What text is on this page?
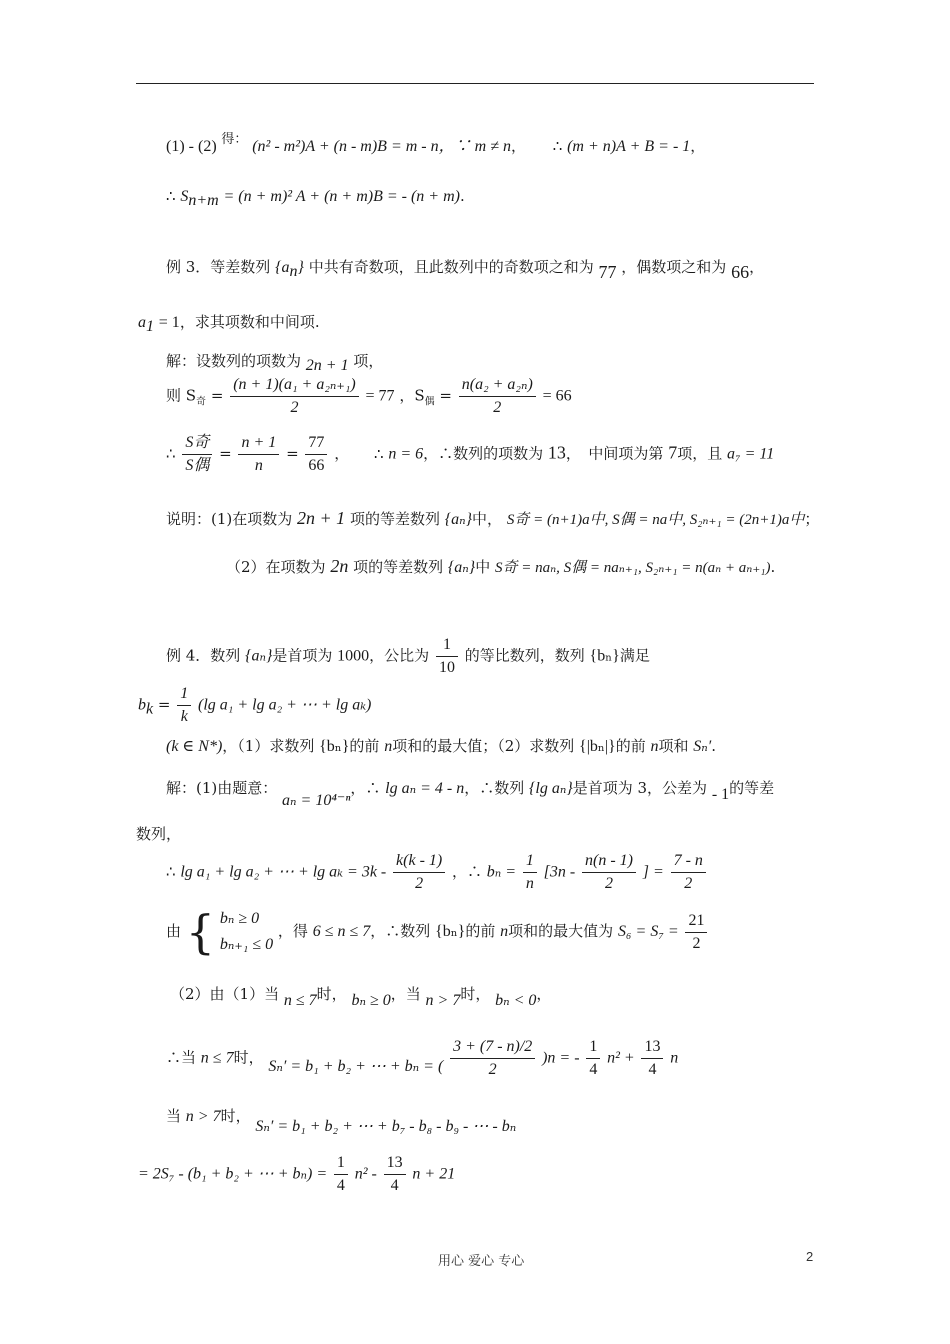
(1) - (2) 得： (n² - m²)A + (n - m)B = m - n，∵ m ≠ n， ∴ (m + n)A + B = - 1，
∴ $S_{n+m} = (n + m)^2$ A + (n + m)B = - (n + m).
例 3．等差数列 $\{a_n\}$ 中共有奇数项，且此数列中的奇数项之和为 77 ，偶数项之和为 66，
$a_1 = 1$，求其项数和中间项.
解：设数列的项数为 2n + 1 项，
则 $S_奇 = \frac{\text{(n + 1)(a₁ + a₂ₙ₊₁)}}{2} = 77$ ，$S_偶 = \frac{\text{n(a₂ + a₂ₙ)}}{2} = 66$
∴ $\frac{\text{S奇}}{\text{S偶}} = \frac{n + 1}{n} = \frac{77}{66}$ ， ∴ n = 6，∴数列的项数为 13，　中间项为第 7项，且 a₇ = 11
说明：(1)在项数为 2n + 1 项的等差数列 {aₙ}中， S奇 = (n+1)a中, S偶 = na中, S₂ₙ₊₁ = (2n+1)a中；
（2）在项数为 2n 项的等差数列 {aₙ}中 S奇 = naₙ, S偶 = naₙ₊₁, S₂ₙ₊₁ = n(aₙ + aₙ₊₁).
例 4．数列 {aₙ}是首项为 1000，公比为 $\frac{1}{10}$ 的等比数列，数列 {bₙ}满足
$b_k = \frac{1}{k} (\lg$ a₁ + lg a₂ + ⋯ + lg aₖ)
(k ∈ N*)，（1）求数列 {bₙ}的前 n项和的最大值；（2）求数列 {|bₙ|}的前 n项和 Sₙ′.
解：(1)由题意： aₙ = 10⁴⁻ⁿ，∴ lg aₙ = 4 - n，∴数列 {lg aₙ}是首项为 3，公差为 - 1的等差
数列，
∴ lg a₁ + lg a₂ + ⋯ + $\lg a_k = 3k - \frac{k(k - 1)}{2}$ ，∴ $b_n = \frac{1}{n} [3n - \frac{n(n - 1)}{2}$ ] = $\frac{7 - n}{2}$
由 { bₙ ≥ 0
bₙ₊₁ ≤ 0
，得 6 ≤ n ≤ 7，∴数列 {bₙ}的前 n项和的最大值为 $S_6 = S_7 = \frac{21}{2}$
（2）由（1）当 n ≤ 7时， bₙ ≥ 0，当 n > 7时， bₙ < 0，
∴当 n ≤ 7时， Sₙ′ = b₁ + b₂ + ⋯ + bₙ = ( $\frac{3 + (7 - n)/2}{2} )n$ = - $\frac{1}{4} n^2 + \frac{13}{4}$ n
当 n > 7时， Sₙ′ = b₁ + b₂ + ⋯ + b₇ - b₈ - b₉ - ⋯ - bₙ
= 2S₇ - (b₁ + b₂ + ⋯ + $b_n) = \frac{1}{4} n^2 - \frac{13}{4}$ n + 21
用心 爱心 专心	2
